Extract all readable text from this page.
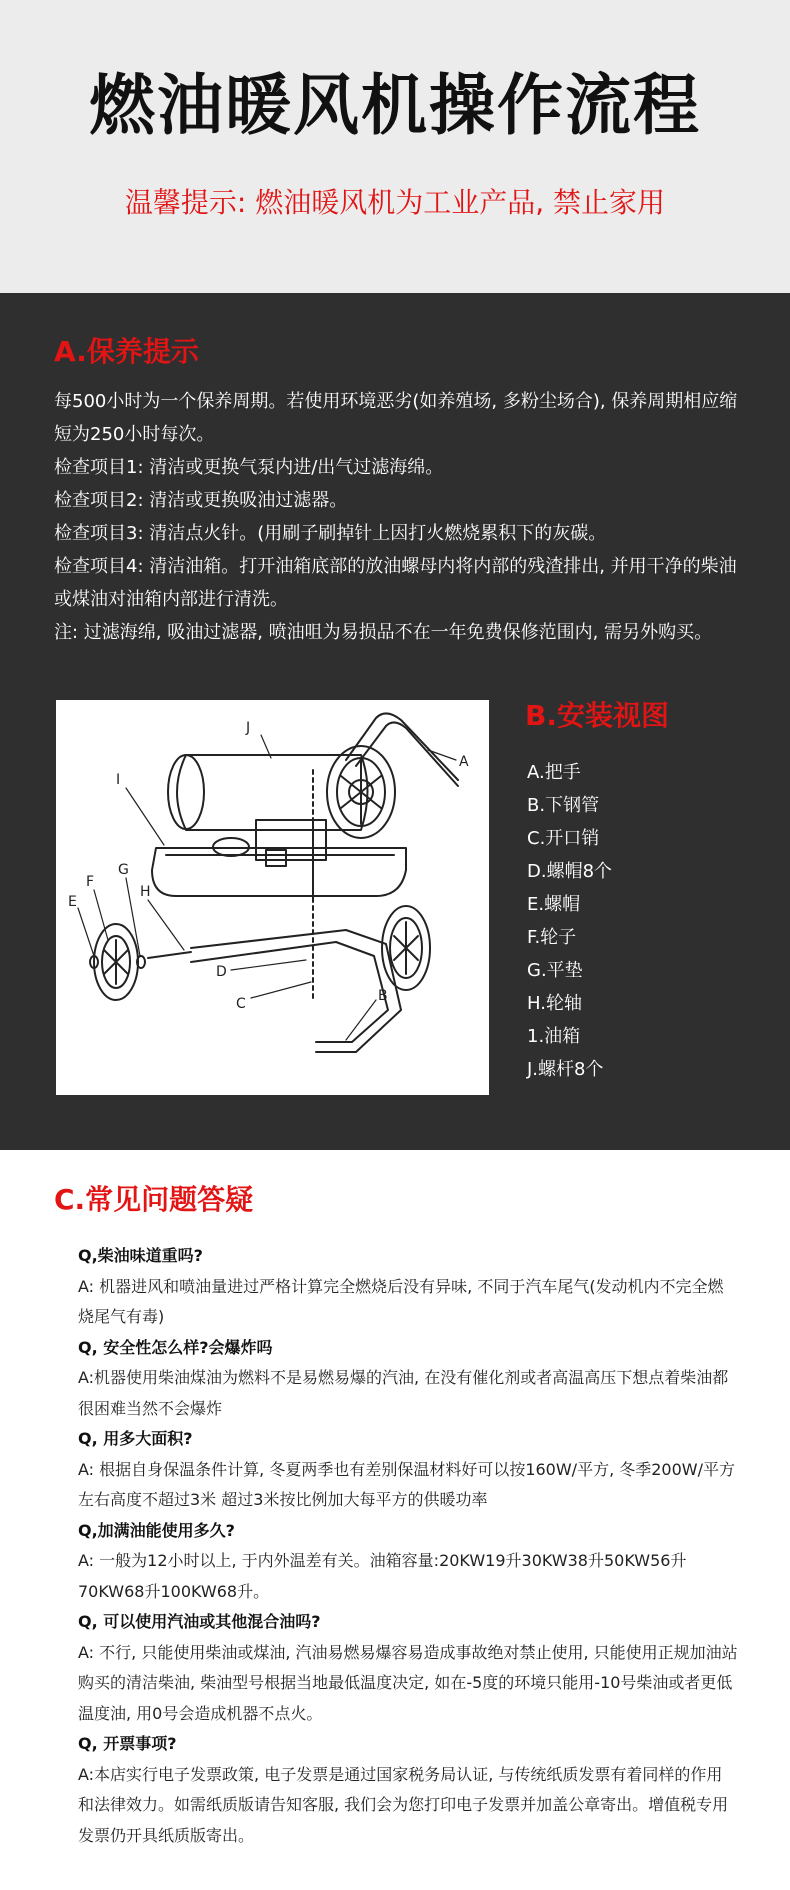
燃油暖风机操作流程
温馨提示: 燃油暖风机为工业产品, 禁止家用
A.保养提示

每500小时为一个保养周期。若使用环境恶劣(如养殖场, 多粉尘场合), 保养周期相应缩短为250小时每次。

检查项目1: 清洁或更换气泵内进/出气过滤海绵。

检查项目2: 清洁或更换吸油过滤器。

检查项目3: 清洁点火针。(用刷子刷掉针上因打火燃烧累积下的灰碳。

检查项目4: 清洁油箱。打开油箱底部的放油螺母内将内部的残渣排出, 并用干净的柴油或煤油对油箱内部进行清洗。

注: 过滤海绵, 吸油过滤器, 喷油咀为易损品不在一年免费保修范围内, 需另外购买。

J
A
I
F
G
H
E
D
C	B
B.安装视图
A.把手
B.下钢管
C.开口销
D.螺帽8个
E.螺帽
F.轮子
G.平垫
H.轮轴
1.油箱
J.螺杆8个
C.常见问题答疑
Q,柴油味道重吗?
A: 机器进风和喷油量进过严格计算完全燃烧后没有异味, 不同于汽车尾气(发动机内不完全燃烧尾气有毒)
Q, 安全性怎么样?会爆炸吗
A:机器使用柴油煤油为燃料不是易燃易爆的汽油, 在没有催化剂或者高温高压下想点着柴油都很困难当然不会爆炸
Q, 用多大面积?
A: 根据自身保温条件计算, 冬夏两季也有差别保温材料好可以按160W/平方, 冬季200W/平方左右高度不超过3米 超过3米按比例加大每平方的供暖功率
Q,加满油能使用多久?
A: 一般为12小时以上, 于内外温差有关。油箱容量:20KW19升30KW38升50KW56升70KW68升100KW68升。
Q, 可以使用汽油或其他混合油吗?
A: 不行, 只能使用柴油或煤油, 汽油易燃易爆容易造成事故绝对禁止使用, 只能使用正规加油站购买的清洁柴油, 柴油型号根据当地最低温度决定, 如在-5度的环境只能用-10号柴油或者更低温度油, 用0号会造成机器不点火。
Q, 开票事项?
A:本店实行电子发票政策, 电子发票是通过国家税务局认证, 与传统纸质发票有着同样的作用和法律效力。如需纸质版请告知客服, 我们会为您打印电子发票并加盖公章寄出。增值税专用发票仍开具纸质版寄出。
